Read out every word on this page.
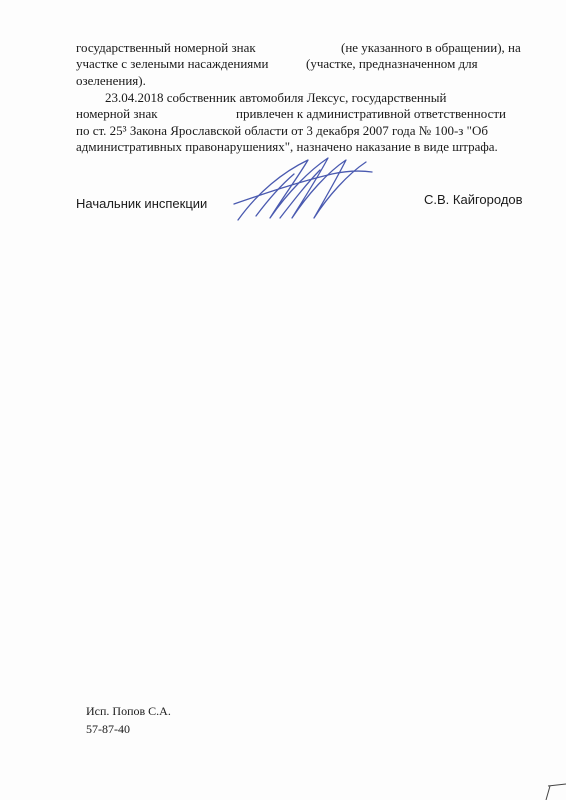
государственный номерной знак	(не указанного в обращении), на
участке с зелеными насаждениями	(участке, предназначенном для
озеленения).
23.04.2018 собственник автомобиля Лексус, государственный
номерной знак	привлечен к административной ответственности
по ст. 25³ Закона Ярославской области от 3 декабря 2007 года № 100-з "Об
административных правонарушениях", назначено наказание в виде штрафа.
Начальник инспекции	С.В. Кайгородов
Исп. Попов С.А.
57-87-40
